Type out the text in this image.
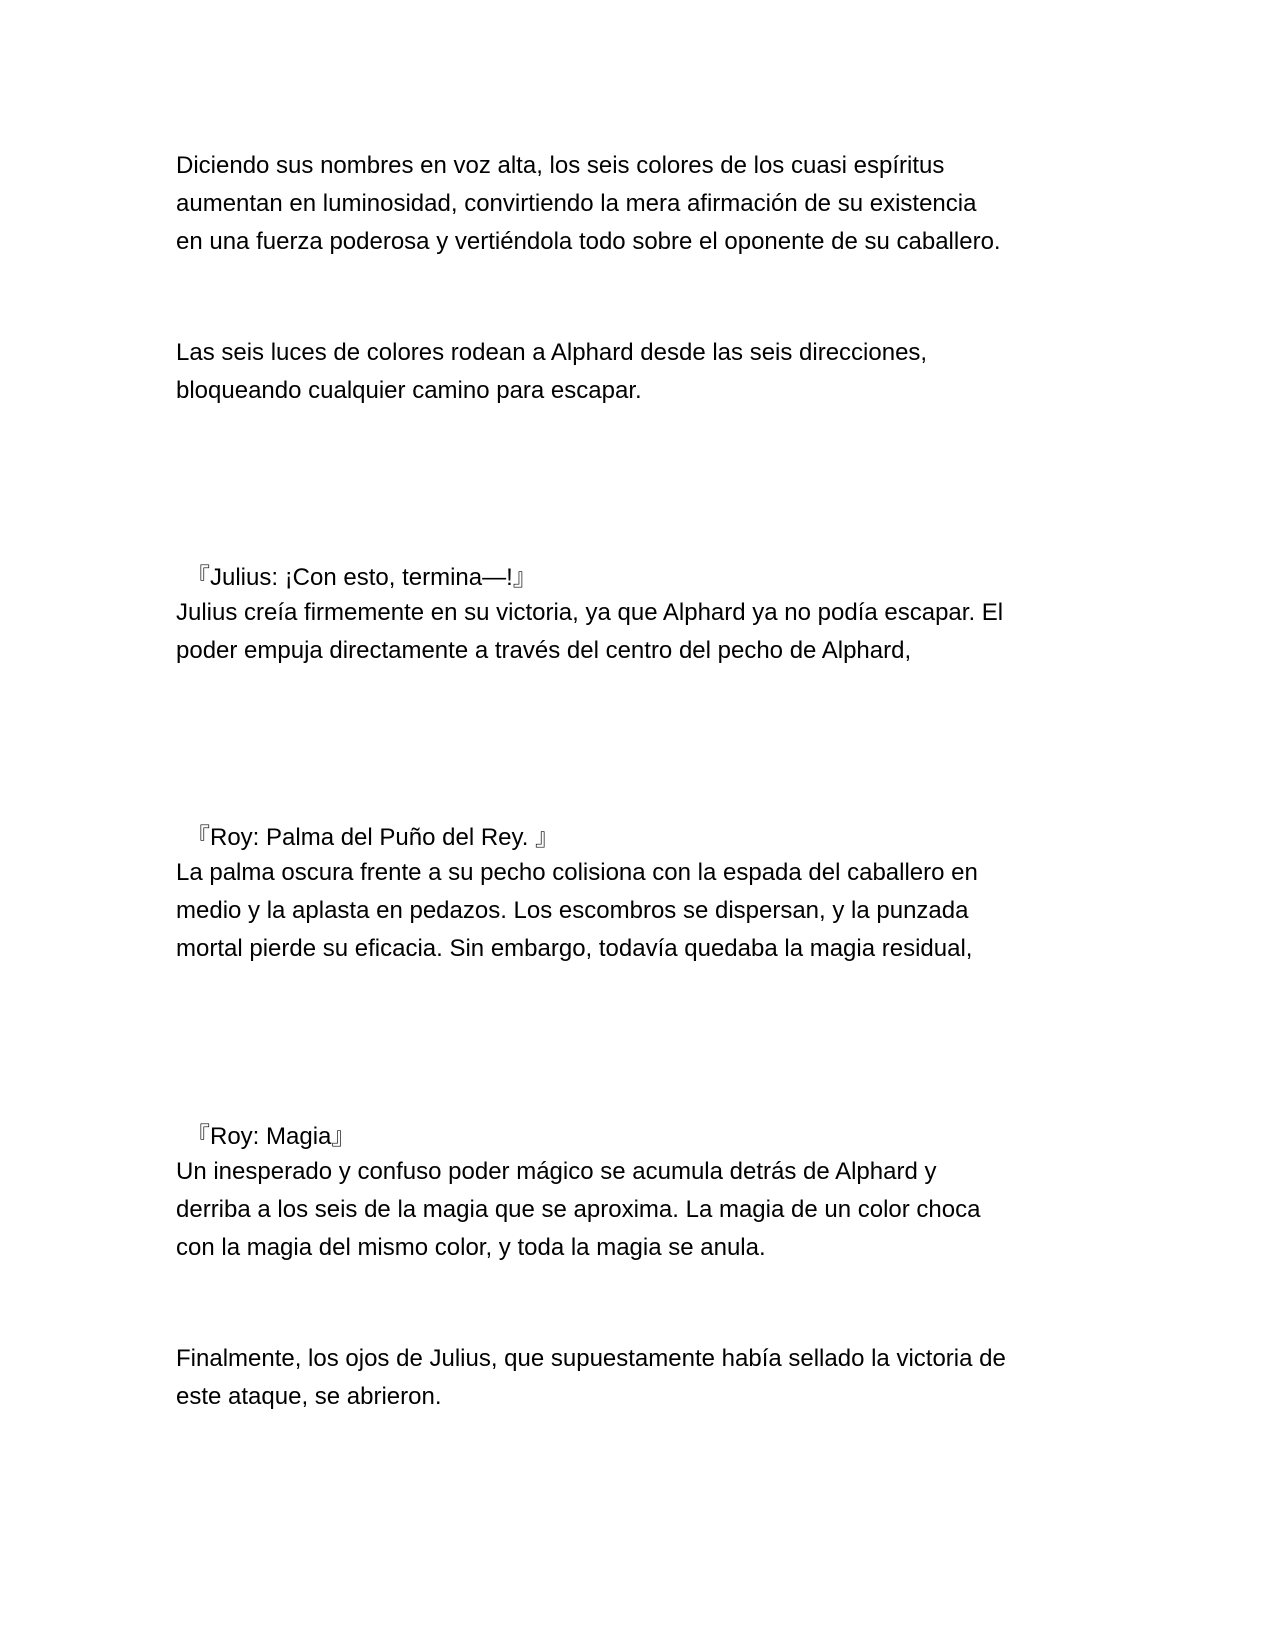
Diciendo sus nombres en voz alta, los seis colores de los cuasi espíritus
aumentan en luminosidad, convirtiendo la mera afirmación de su existencia
en una fuerza poderosa y vertiéndola todo sobre el oponente de su caballero.

Las seis luces de colores rodean a Alphard desde las seis direcciones,
bloqueando cualquier camino para escapar.

『Julius: ¡Con esto, termina—!』

Julius creía firmemente en su victoria, ya que Alphard ya no podía escapar. El
poder empuja directamente a través del centro del pecho de Alphard,

『Roy: Palma del Puño del Rey. 』

La palma oscura frente a su pecho colisiona con la espada del caballero en
medio y la aplasta en pedazos. Los escombros se dispersan, y la punzada
mortal pierde su eficacia. Sin embargo, todavía quedaba la magia residual,

『Roy: Magia』

Un inesperado y confuso poder mágico se acumula detrás de Alphard y
derriba a los seis de la magia que se aproxima. La magia de un color choca
con la magia del mismo color, y toda la magia se anula.

Finalmente, los ojos de Julius, que supuestamente había sellado la victoria de
este ataque, se abrieron.
